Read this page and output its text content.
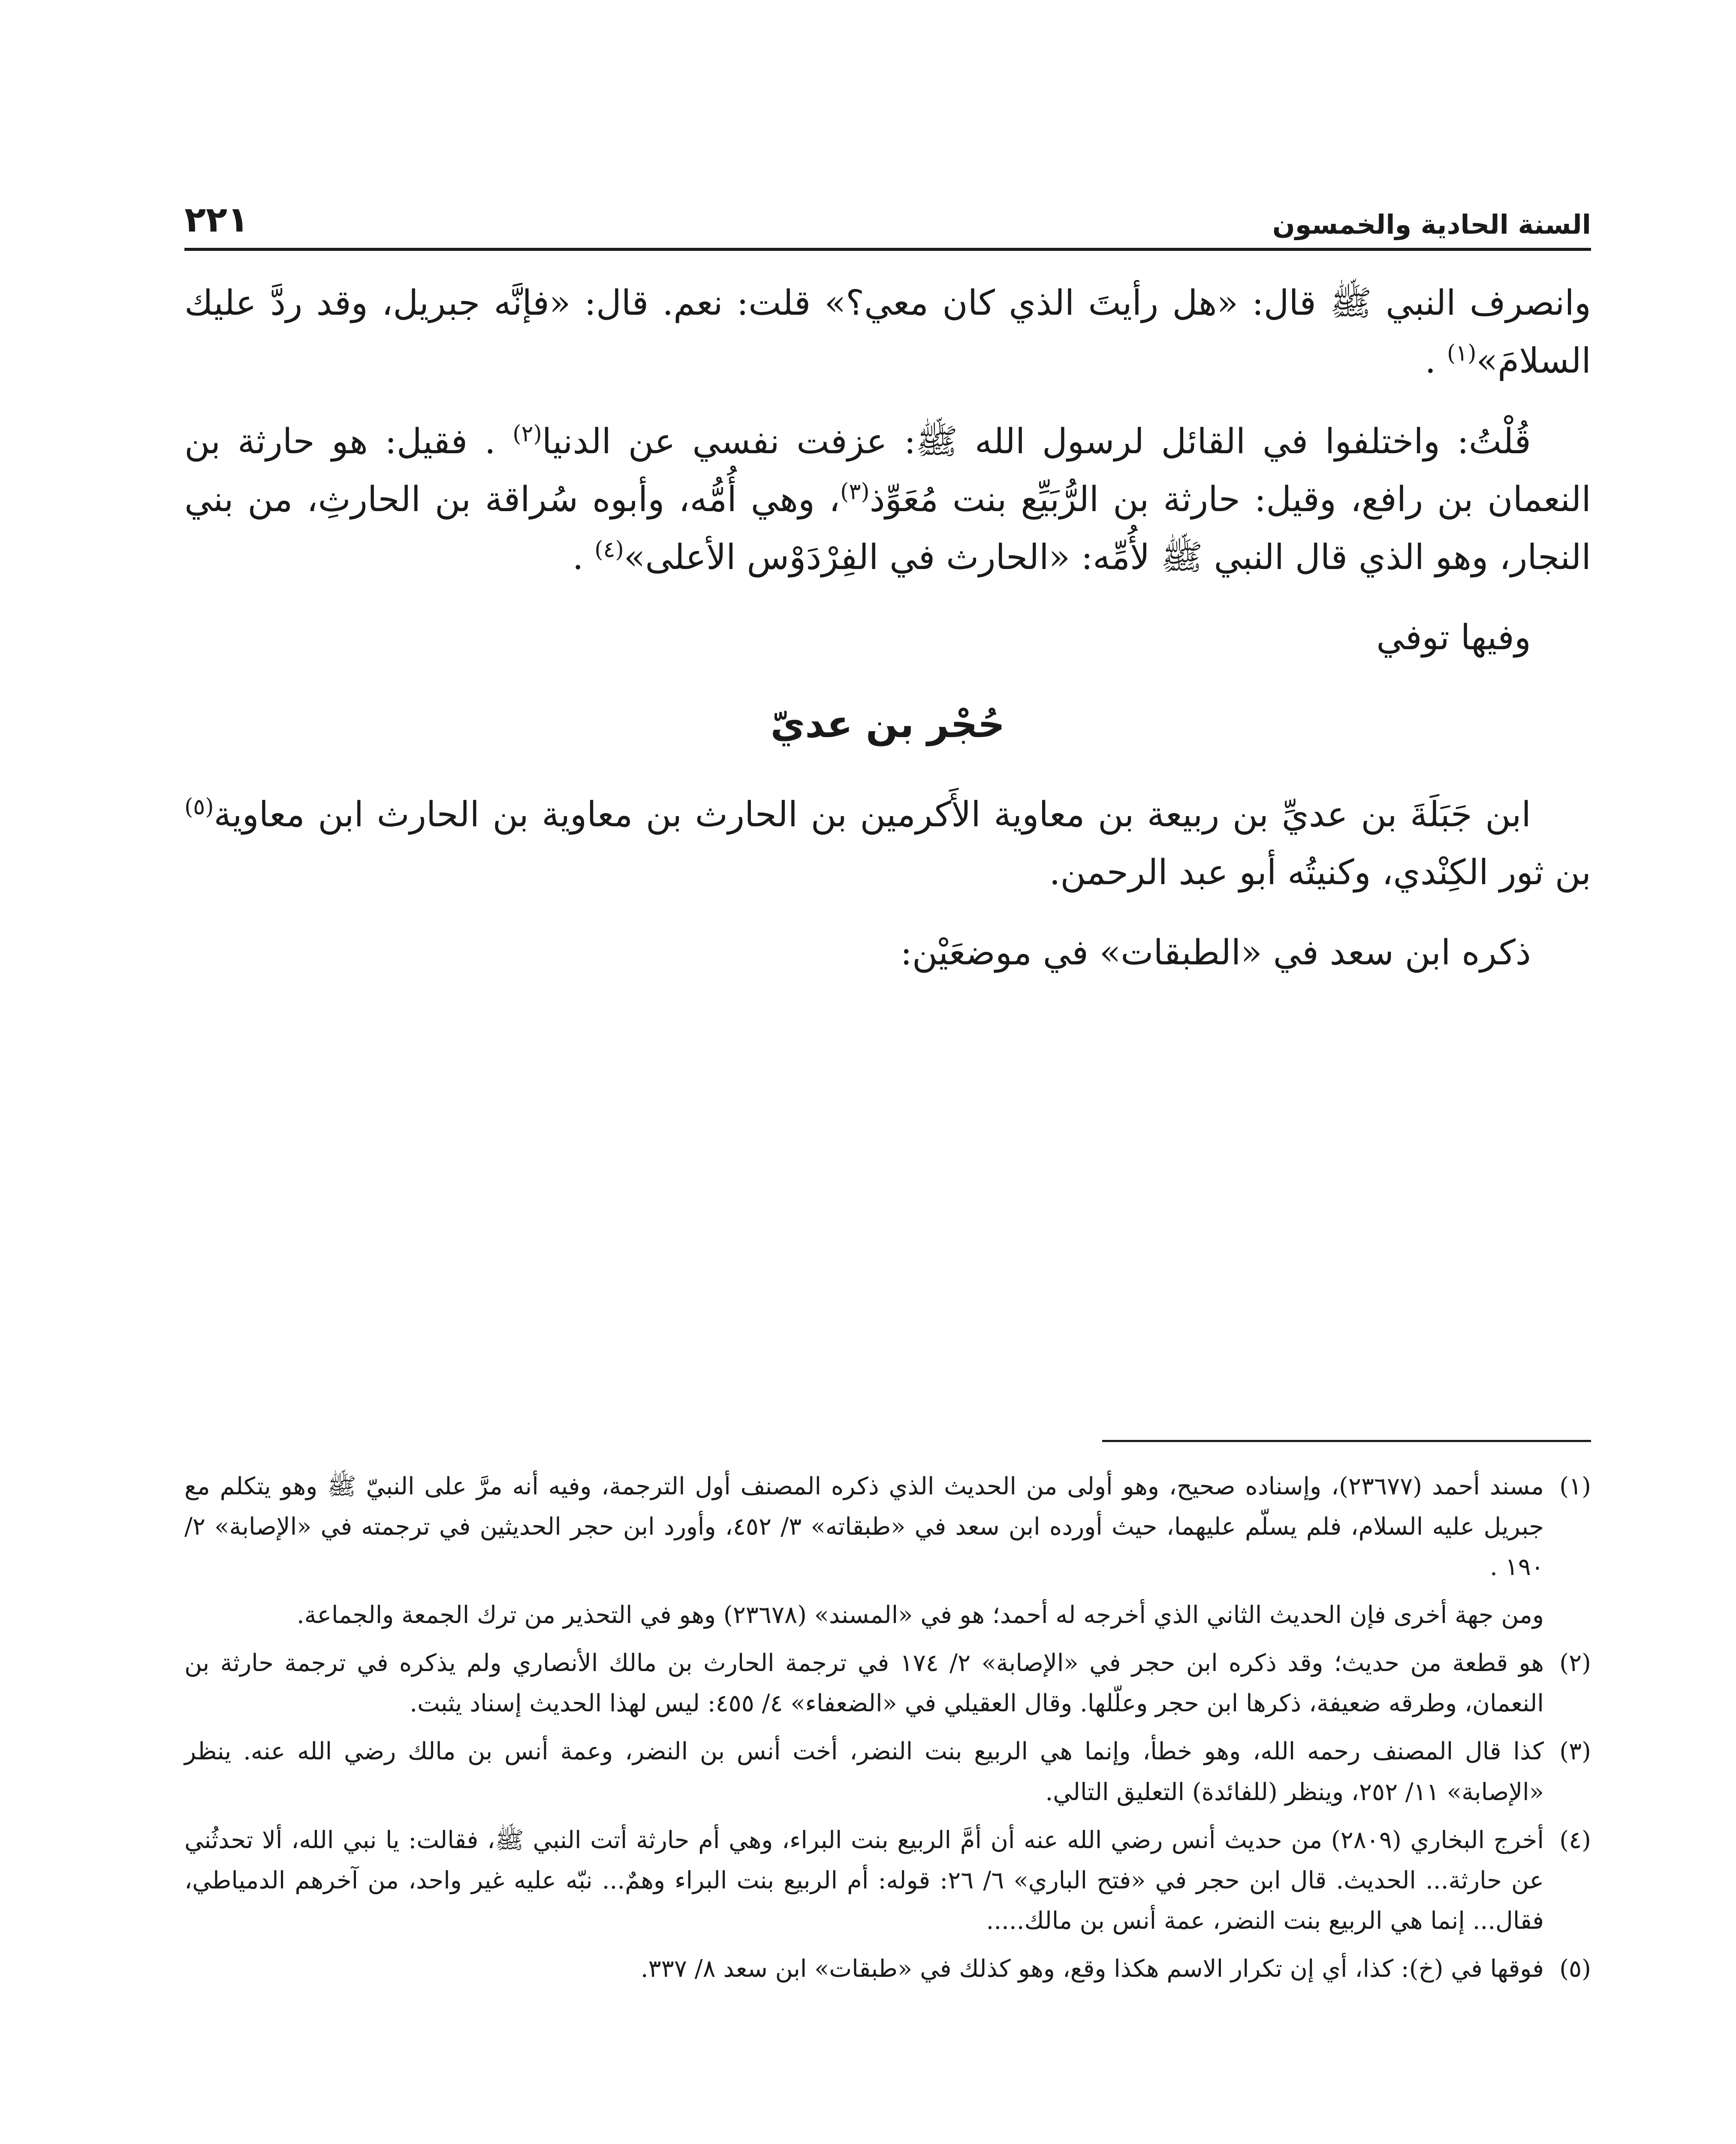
السنة الحادية والخمسون
٢٢١

وانصرف النبي ﷺ قال: «هل رأيتَ الذي كان معي؟» قلت: نعم. قال: «فإنَّه جبريل، وقد ردَّ عليك السلامَ»$^{(١)}$ .

قُلْتُ: واختلفوا في القائل لرسول الله ﷺ: عزفت نفسي عن الدنيا$^{(٢)}$ . فقيل: هو حارثة بن النعمان بن رافع، وقيل: حارثة بن الرُّبَيِّع بنت مُعَوِّذ$^{(٣)}$، وهي أُمُّه، وأبوه سُراقة بن الحارثِ، من بني النجار، وهو الذي قال النبي ﷺ لأُمِّه: «الحارث في الفِرْدَوْس الأعلى»$^{(٤)}$ .

وفيها توفي

حُجْر بن عديّ

ابن جَبَلَةَ بن عديِّ بن ربيعة بن معاوية الأَكرمين بن الحارث بن معاوية بن الحارث ابن معاوية$^{(٥)}$ بن ثور الكِنْدي، وكنيتُه أبو عبد الرحمن.

ذكره ابن سعد في «الطبقات» في موضعَيْن:

(١)مسند أحمد (٢٣٦٧٧)، وإسناده صحيح، وهو أولى من الحديث الذي ذكره المصنف أول الترجمة، وفيه أنه مرَّ على النبيّ ﷺ وهو يتكلم مع جبريل عليه السلام، فلم يسلّم عليهما، حيث أورده ابن سعد في «طبقاته» ٣/ ٤٥٢، وأورد ابن حجر الحديثين في ترجمته في «الإصابة» ٢/ ١٩٠ .

ومن جهة أخرى فإن الحديث الثاني الذي أخرجه له أحمد؛ هو في «المسند» (٢٣٦٧٨) وهو في التحذير من ترك الجمعة والجماعة.

(٢)هو قطعة من حديث؛ وقد ذكره ابن حجر في «الإصابة» ٢/ ١٧٤ في ترجمة الحارث بن مالك الأنصاري ولم يذكره في ترجمة حارثة بن النعمان، وطرقه ضعيفة، ذكرها ابن حجر وعلّلها. وقال العقيلي في «الضعفاء» ٤/ ٤٥٥: ليس لهذا الحديث إسناد يثبت.

(٣)كذا قال المصنف رحمه الله، وهو خطأ، وإنما هي الربيع بنت النضر، أخت أنس بن النضر، وعمة أنس بن مالك رضي الله عنه. ينظر «الإصابة» ١١/ ٢٥٢، وينظر (للفائدة) التعليق التالي.

(٤)أخرج البخاري (٢٨٠٩) من حديث أنس رضي الله عنه أن أمَّ الربيع بنت البراء، وهي أم حارثة أتت النبي ﷺ، فقالت: يا نبي الله، ألا تحدثُني عن حارثة... الحديث. قال ابن حجر في «فتح الباري» ٦/ ٢٦: قوله: أم الربيع بنت البراء وهمٌ... نبّه عليه غير واحد، من آخرهم الدمياطي، فقال... إنما هي الربيع بنت النضر، عمة أنس بن مالك.....

(٥)فوقها في (خ): كذا، أي إن تكرار الاسم هكذا وقع، وهو كذلك في «طبقات» ابن سعد ٨/ ٣٣٧.
